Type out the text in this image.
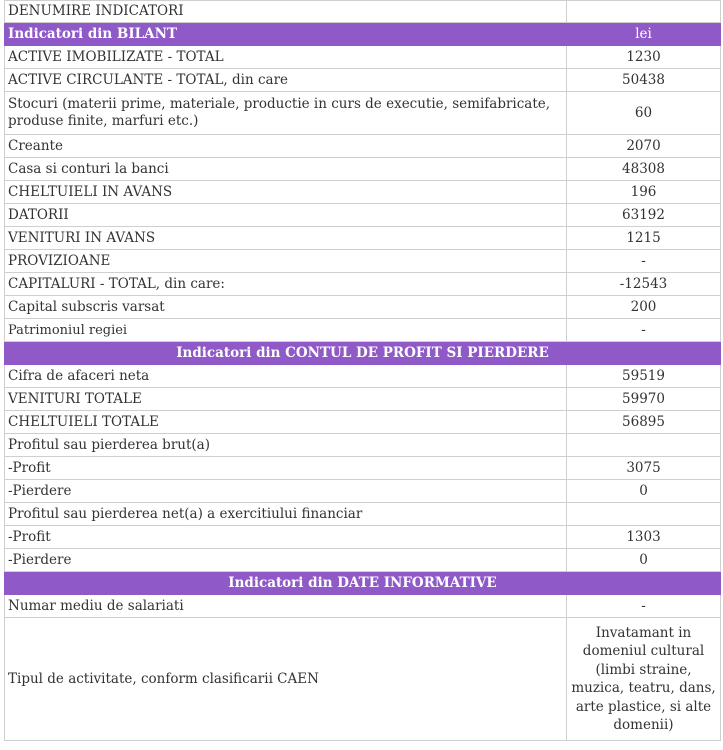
DENUMIRE INDICATORI	
Indicatori din BILANT	lei
ACTIVE IMOBILIZATE - TOTAL	1230
ACTIVE CIRCULANTE - TOTAL, din care	50438
Stocuri (materii prime, materiale, productie in curs de executie, semifabricate, produse finite, marfuri etc.)	60
Creante	2070
Casa si conturi la banci	48308
CHELTUIELI IN AVANS	196
DATORII	63192
VENITURI IN AVANS	1215
PROVIZIOANE	-
CAPITALURI - TOTAL, din care:	-12543
Capital subscris varsat	200
Patrimoniul regiei	-
Indicatori din CONTUL DE PROFIT SI PIERDERE	
Cifra de afaceri neta	59519
VENITURI TOTALE	59970
CHELTUIELI TOTALE	56895
Profitul sau pierderea brut(a)	
-Profit	3075
-Pierdere	0
Profitul sau pierderea net(a) a exercitiului financiar	
-Profit	1303
-Pierdere	0
Indicatori din DATE INFORMATIVE	
Numar mediu de salariati	-
Tipul de activitate, conform clasificarii CAEN	Invatamant in domeniul cultural (limbi straine, muzica, teatru, dans, arte plastice, si alte domenii)
